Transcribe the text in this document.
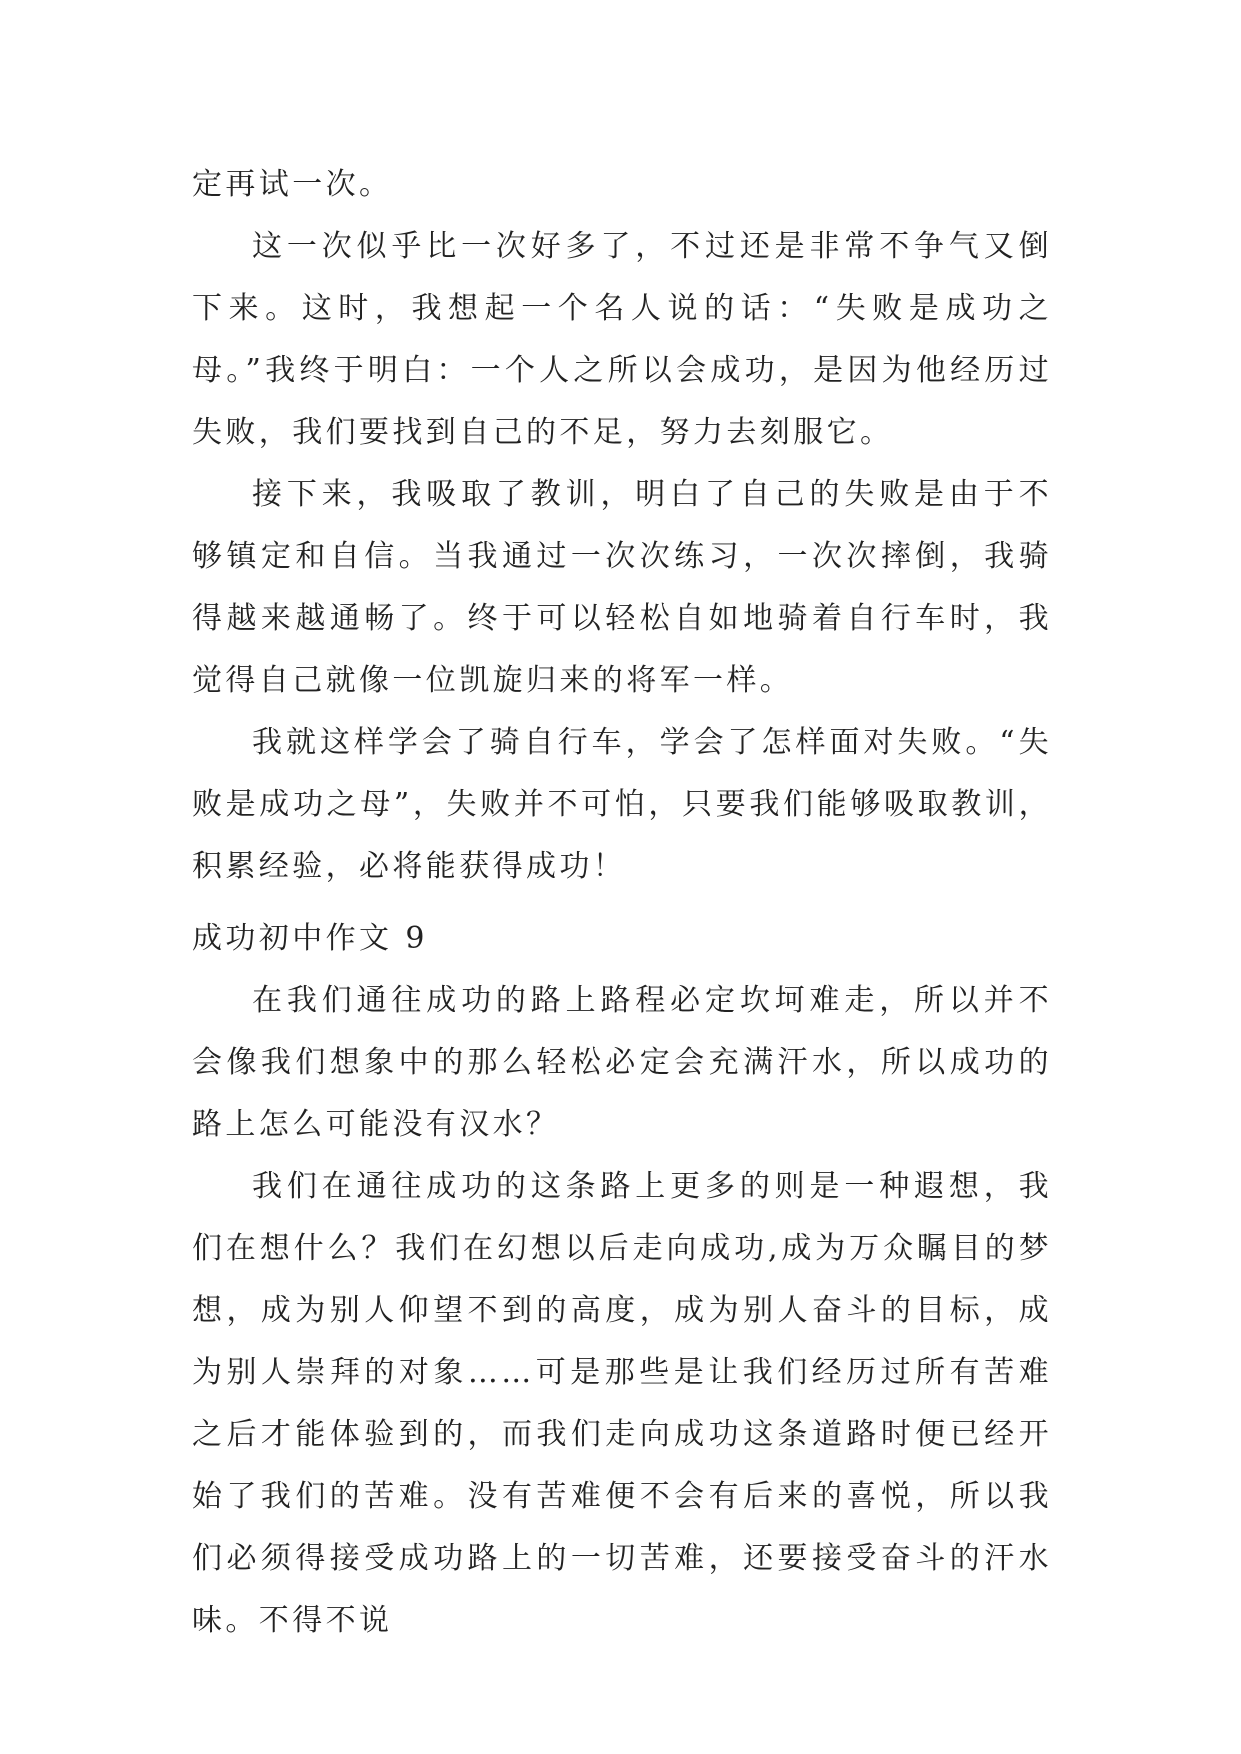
定再试一次。

这一次似乎比一次好多了，不过还是非常不争气又倒下来。这时，我想起一个名人说的话：“失败是成功之母。”我终于明白：一个人之所以会成功，是因为他经历过失败，我们要找到自己的不足，努力去刻服它。

接下来，我吸取了教训，明白了自己的失败是由于不够镇定和自信。当我通过一次次练习，一次次摔倒，我骑得越来越通畅了。终于可以轻松自如地骑着自行车时，我觉得自己就像一位凯旋归来的将军一样。

我就这样学会了骑自行车，学会了怎样面对失败。“失败是成功之母”，失败并不可怕，只要我们能够吸取教训，积累经验，必将能获得成功！

成功初中作文 9

在我们通往成功的路上路程必定坎坷难走，所以并不会像我们想象中的那么轻松必定会充满汗水，所以成功的路上怎么可能没有汉水？

我们在通往成功的这条路上更多的则是一种遐想，我们在想什么？我们在幻想以后走向成功,成为万众瞩目的梦想，成为别人仰望不到的高度，成为别人奋斗的目标，成为别人崇拜的对象……可是那些是让我们经历过所有苦难之后才能体验到的，而我们走向成功这条道路时便已经开始了我们的苦难。没有苦难便不会有后来的喜悦，所以我们必须得接受成功路上的一切苦难，还要接受奋斗的汗水味。不得不说
